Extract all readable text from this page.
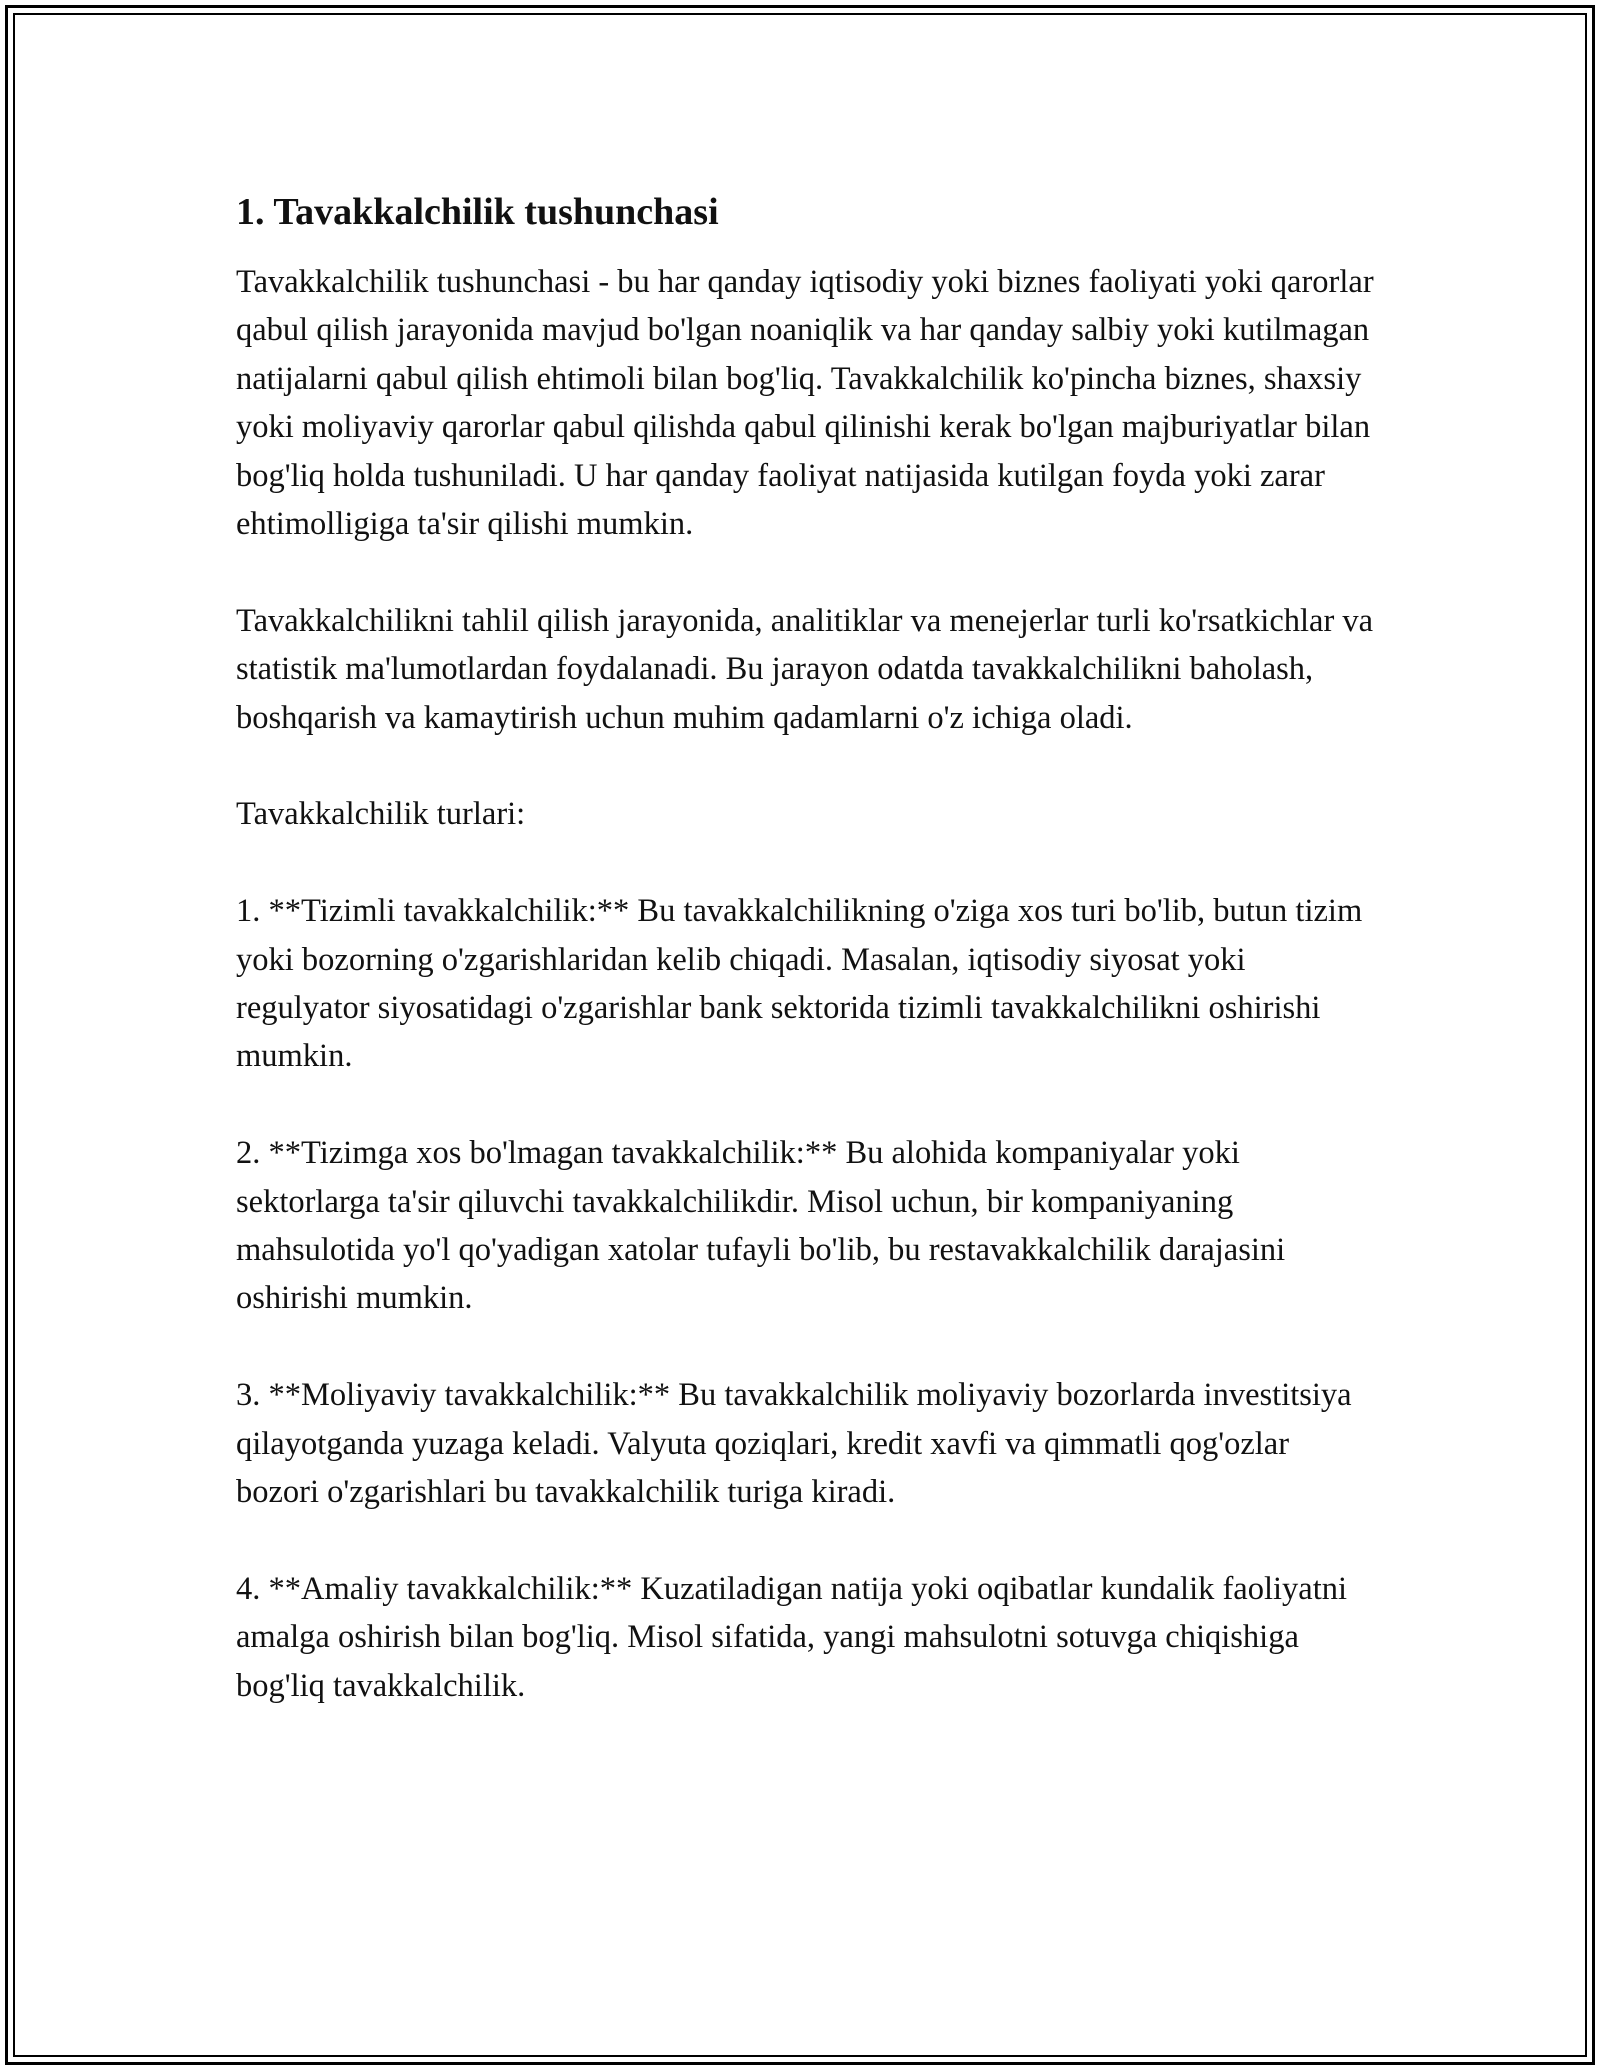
1. Tavakkalchilik tushunchasi

Tavakkalchilik tushunchasi - bu har qanday iqtisodiy yoki biznes faoliyati yoki qarorlar qabul qilish jarayonida mavjud bo'lgan noaniqlik va har qanday salbiy yoki kutilmagan natijalarni qabul qilish ehtimoli bilan bog'liq. Tavakkalchilik ko'pincha biznes, shaxsiy yoki moliyaviy qarorlar qabul qilishda qabul qilinishi kerak bo'lgan majburiyatlar bilan bog'liq holda tushuniladi. U har qanday faoliyat natijasida kutilgan foyda yoki zarar ehtimolligiga ta'sir qilishi mumkin.

Tavakkalchilikni tahlil qilish jarayonida, analitiklar va menejerlar turli ko'rsatkichlar va statistik ma'lumotlardan foydalanadi. Bu jarayon odatda tavakkalchilikni baholash, boshqarish va kamaytirish uchun muhim qadamlarni o'z ichiga oladi.

Tavakkalchilik turlari:

1. **Tizimli tavakkalchilik:** Bu tavakkalchilikning o'ziga xos turi bo'lib, butun tizim yoki bozorning o'zgarishlaridan kelib chiqadi. Masalan, iqtisodiy siyosat yoki regulyator siyosatidagi o'zgarishlar bank sektorida tizimli tavakkalchilikni oshirishi mumkin.

2. **Tizimga xos bo'lmagan tavakkalchilik:** Bu alohida kompaniyalar yoki sektorlarga ta'sir qiluvchi tavakkalchilikdir. Misol uchun, bir kompaniyaning mahsulotida yo'l qo'yadigan xatolar tufayli bo'lib, bu restavakkalchilik darajasini oshirishi mumkin.

3. **Moliyaviy tavakkalchilik:** Bu tavakkalchilik moliyaviy bozorlarda investitsiya qilayotganda yuzaga keladi. Valyuta qoziqlari, kredit xavfi va qimmatli qog'ozlar bozori o'zgarishlari bu tavakkalchilik turiga kiradi.

4. **Amaliy tavakkalchilik:** Kuzatiladigan natija yoki oqibatlar kundalik faoliyatni amalga oshirish bilan bog'liq. Misol sifatida, yangi mahsulotni sotuvga chiqishiga bog'liq tavakkalchilik.
